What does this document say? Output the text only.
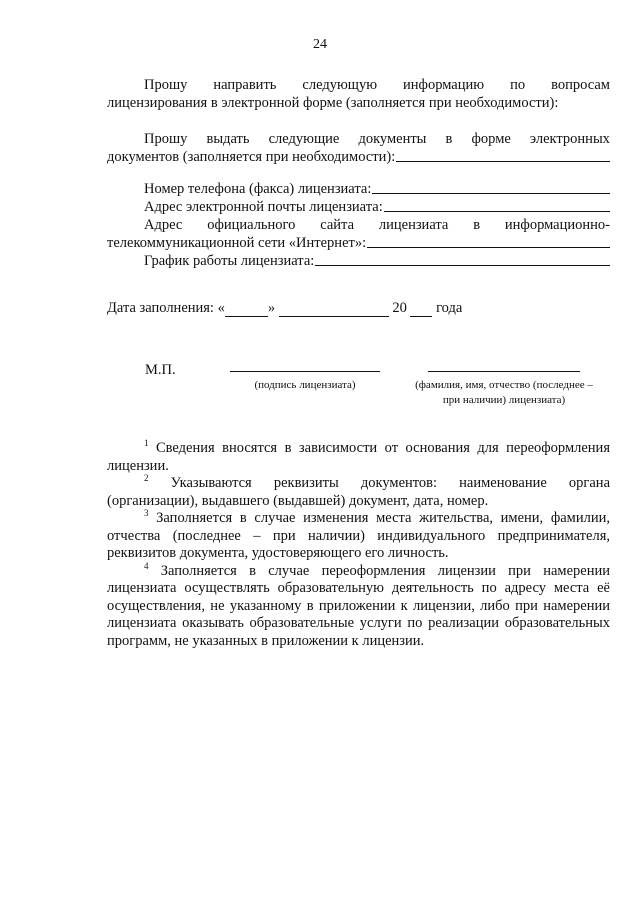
24
Прошу направить следующую информацию по вопросам
лицензирования в электронной форме (заполняется при необходимости):
Прошу выдать следующие документы в форме электронных
документов (заполняется при необходимости):
Номер телефона (факса) лицензиата:
Адрес электронной почты лицензиата:
Адрес официального сайта лицензиата в информационно-
телекоммуникационной сети «Интернет»:
График работы лицензиата:
Дата заполнения: «	»

	20

года
М.П.
(подпись лицензиата)	(фамилия, имя, отчество (последнее –
при наличии) лицензиата)

$^1$ Сведения вносятся в зависимости от основания для переоформления лицензии.

$^2$ Указываются реквизиты документов: наименование органа (организации), выдавшего (выдавшей) документ, дата, номер.

$^3$ Заполняется в случае изменения места жительства, имени, фамилии, отчества (последнее – при наличии) индивидуального предпринимателя, реквизитов документа, удостоверяющего его личность.

$^4$ Заполняется в случае переоформления лицензии при намерении лицензиата осуществлять образовательную деятельность по адресу места её осуществления, не указанному в приложении к лицензии, либо при намерении лицензиата оказывать образовательные услуги по реализации образовательных программ, не указанных в приложении к лицензии.
